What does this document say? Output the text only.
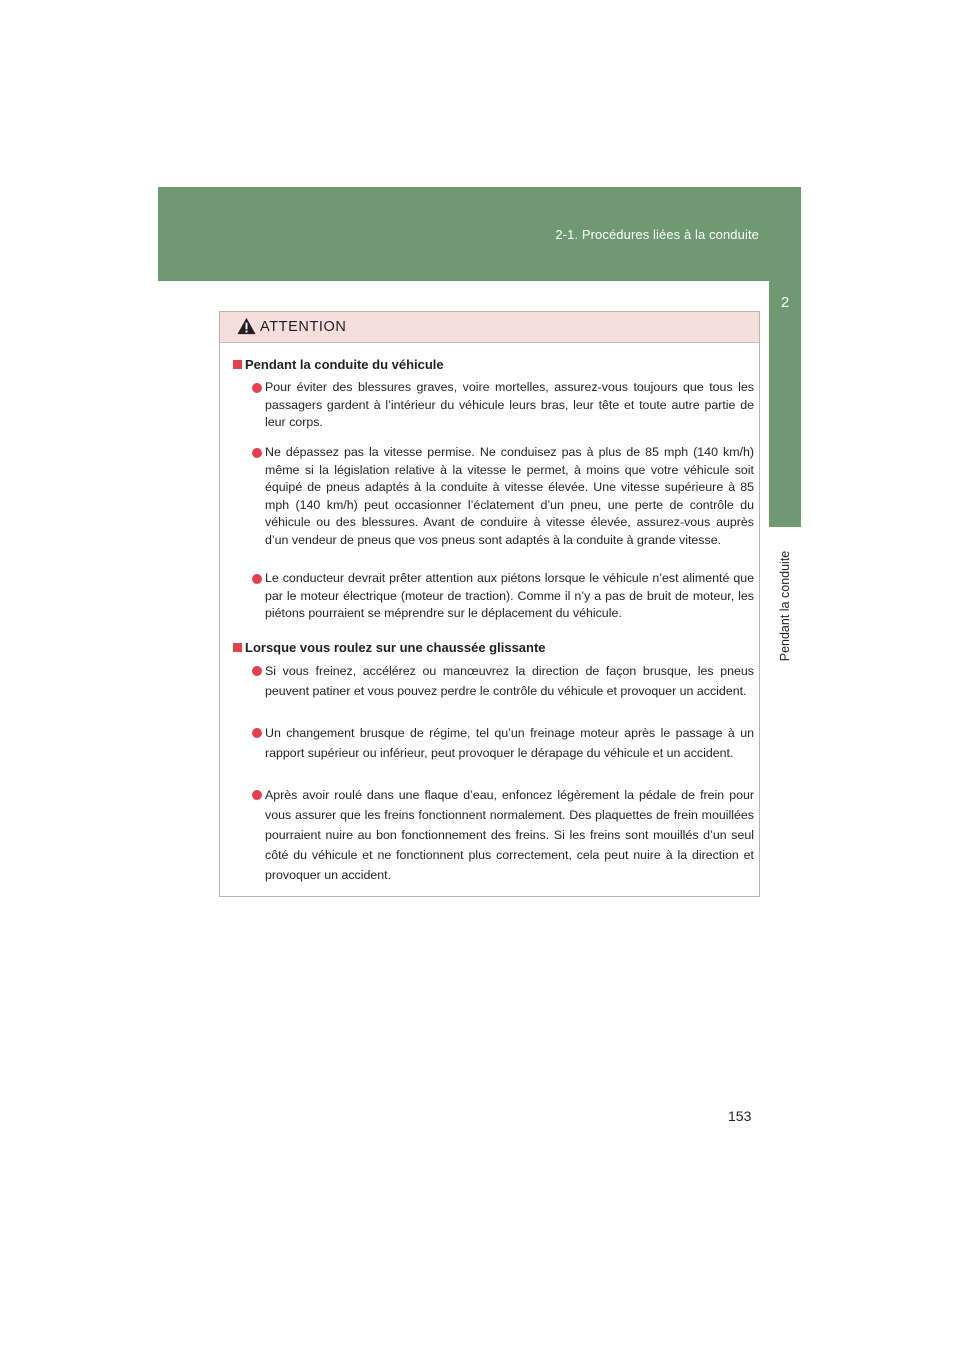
2-1. Procédures liées à la conduite
2
Pendant la conduite
ATTENTION
Pendant la conduite du véhicule
Pour éviter des blessures graves, voire mortelles, assurez-vous toujours que tous les passagers gardent à l’intérieur du véhicule leurs bras, leur tête et toute autre partie de leur corps.
Ne dépassez pas la vitesse permise. Ne conduisez pas à plus de 85 mph (140 km/h) même si la législation relative à la vitesse le permet, à moins que votre véhicule soit équipé de pneus adaptés à la conduite à vitesse élevée. Une vitesse supérieure à 85 mph (140 km/h) peut occasionner l’éclatement d’un pneu, une perte de contrôle du véhicule ou des blessures. Avant de conduire à vitesse élevée, assurez-vous auprès d’un vendeur de pneus que vos pneus sont adaptés à la conduite à grande vitesse.
Le conducteur devrait prêter attention aux piétons lorsque le véhicule n’est alimenté que par le moteur électrique (moteur de traction). Comme il n’y a pas de bruit de moteur, les piétons pourraient se méprendre sur le déplacement du véhicule.
Lorsque vous roulez sur une chaussée glissante
Si vous freinez, accélérez ou manœuvrez la direction de façon brusque, les pneus peuvent patiner et vous pouvez perdre le contrôle du véhicule et provoquer un accident.
Un changement brusque de régime, tel qu’un freinage moteur après le passage à un rapport supérieur ou inférieur, peut provoquer le dérapage du véhicule et un accident.
Après avoir roulé dans une flaque d’eau, enfoncez légèrement la pédale de frein pour vous assurer que les freins fonctionnent normalement. Des plaquettes de frein mouillées pourraient nuire au bon fonctionnement des freins. Si les freins sont mouillés d’un seul côté du véhicule et ne fonctionnent plus correctement, cela peut nuire à la direction et provoquer un accident.
153
